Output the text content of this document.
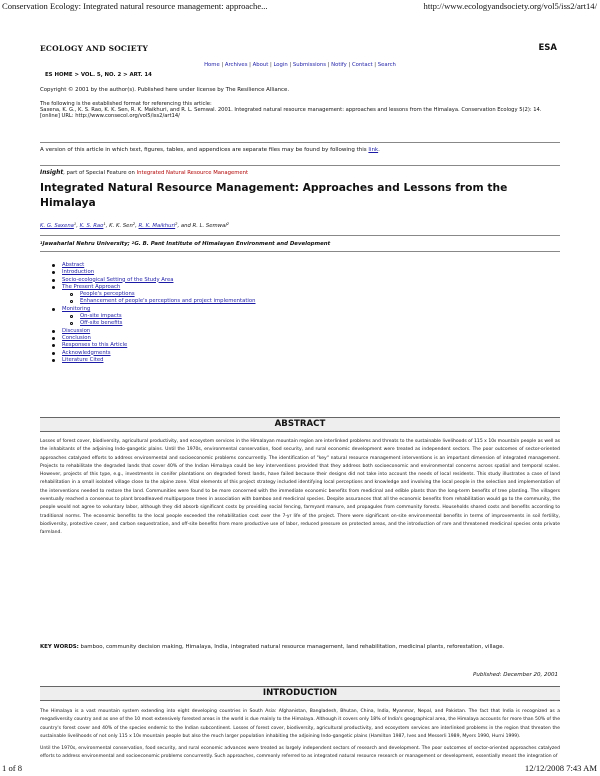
Conservation Ecology: Integrated natural resource management: approache...	http://www.ecologyandsociety.org/vol5/iss2/art14/
ECOLOGY AND SOCIETY	ESA
Home | Archives | About | Login | Submissions | Notify | Contact | Search
ES HOME > VOL. 5, NO. 2 > ART. 14
Copyright © 2001 by the author(s). Published here under license by The Resilience Alliance.
The following is the established format for referencing this article:
Saxena, K. G., K. S. Rao, K. K. Sen, R. K. Maikhuri, and R. L. Semwal. 2001. Integrated natural resource management: approaches and lessons from the Himalaya. Conservation Ecology 5(2): 14. [online] URL: http://www.consecol.org/vol5/iss2/art14/
A version of this article in which text, figures, tables, and appendices are separate files may be found by following this link.
Insight, part of Special Feature on Integrated Natural Resource Management
Integrated Natural Resource Management: Approaches and Lessons from the Himalaya
K. G. Saxena$^1$, K. S. Rao$^1$, K. K. Sen$^2$, R. K. Maikhuri$^2$, and R. L. Semwal$^2$
$^1$Jawaharlal Nehru University; $^2$G. B. Pant Institute of Himalayan Environment and Development
Abstract
Introduction
Socio-ecological Setting of the Study Area
The Present Approach
People's perceptions
Enhancement of people's perceptions and project implementation
Monitoring
On-site impacts
Off-site benefits
Discussion
Conclusion
Responses to this Article
Acknowledgments
Literature Cited
ABSTRACT

Losses of forest cover, biodiversity, agricultural productivity, and ecosystem services in the Himalayan mountain region are interlinked problems and threats to the sustainable livelihoods of 115 x $10^6$ mountain people as well as the inhabitants of the adjoining Indo-gangetic plains. Until the 1970s, environmental conservation, food security, and rural economic development were treated as independent sectors. The poor outcomes of sector-oriented approaches catalyzed efforts to address environmental and socioeconomic problems concurrently. The identification of "key" natural resource management interventions is an important dimension of integrated management. Projects to rehabilitate the degraded lands that cover 40% of the Indian Himalaya could be key interventions provided that they address both socioeconomic and environmental concerns across spatial and temporal scales. However, projects of this type, e.g., investments in conifer plantations on degraded forest lands, have failed because their designs did not take into account the needs of local residents. This study illustrates a case of land rehabilitation in a small isolated village close to the alpine zone. Vital elements of this project strategy included identifying local perceptions and knowledge and involving the local people in the selection and implementation of the interventions needed to restore the land. Communities were found to be more concerned with the immediate economic benefits from medicinal and edible plants than the long-term benefits of tree planting. The villagers eventually reached a consensus to plant broadleaved multipurpose trees in association with bamboo and medicinal species. Despite assurances that all the economic benefits from rehabilitation would go to the community, the people would not agree to voluntary labor, although they did absorb significant costs by providing social fencing, farmyard manure, and propagules from community forests. Households shared costs and benefits according to traditional norms. The economic benefits to the local people exceeded the rehabilitation cost over the 7-yr life of the project. There were significant on-site environmental benefits in terms of improvements in soil fertility, biodiversity, protective cover, and carbon sequestration, and off-site benefits from more productive use of labor, reduced pressure on protected areas, and the introduction of rare and threatened medicinal species onto private farmland.

KEY WORDS: bamboo, community decision making, Himalaya, India, integrated natural resource management, land rehabilitation, medicinal plants, reforestation, village.
Published: December 20, 2001
INTRODUCTION

The Himalaya is a vast mountain system extending into eight developing countries in South Asia: Afghanistan, Bangladesh, Bhutan, China, India, Myanmar, Nepal, and Pakistan. The fact that India is recognized as a megadiversity country and as one of the 10 most extensively forested areas in the world is due mainly to the Himalaya. Although it covers only 18% of India's geographical area, the Himalaya accounts for more than 50% of the country's forest cover and 40% of the species endemic to the Indian subcontinent. Losses of forest cover, biodiversity, agricultural productivity, and ecosystem services are interlinked problems in the region that threaten the sustainable livelihoods of not only 115 x $10^6$ mountain people but also the much larger population inhabiting the adjoining Indo-gangetic plains (Hamilton 1987, Ives and Messerli 1989, Myers 1990, Hurni 1999).

Until the 1970s, environmental conservation, food security, and rural economic advances were treated as largely independent sectors of research and development. The poor outcomes of sector-oriented approaches catalyzed efforts to address environmental and socioeconomic problems concurrently. Such approaches, commonly referred to as integrated natural resource research or management or development, essentially meant the integration of

1 of 8	12/12/2008 7:43 AM
